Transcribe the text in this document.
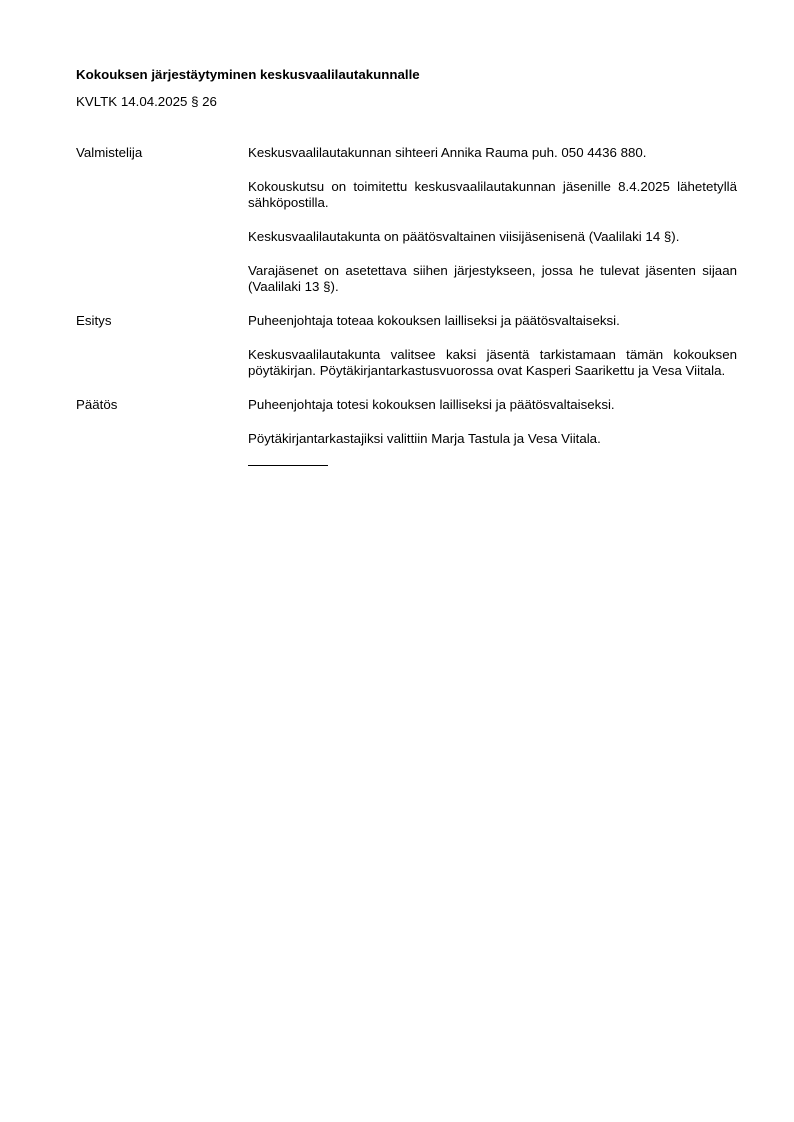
Kokouksen järjestäytyminen keskusvaalilautakunnalle
KVLTK 14.04.2025 § 26
Valmistelija	Keskusvaalilautakunnan sihteeri Annika Rauma puh. 050 4436 880.
Kokouskutsu on toimitettu keskusvaalilautakunnan jäsenille 8.4.2025 lähetetyllä sähköpostilla.
Keskusvaalilautakunta on päätösvaltainen viisijäsenisenä (Vaalilaki 14 §).
Varajäsenet on asetettava siihen järjestykseen, jossa he tulevat jäsenten sijaan (Vaalilaki 13 §).
Esitys	Puheenjohtaja toteaa kokouksen lailliseksi ja päätösvaltaiseksi.
Keskusvaalilautakunta valitsee kaksi jäsentä tarkistamaan tämän kokouksen pöytäkirjan. Pöytäkirjantarkastusvuorossa ovat Kasperi Saarikettu ja Vesa Viitala.
Päätös	Puheenjohtaja totesi kokouksen lailliseksi ja päätösvaltaiseksi.
Pöytäkirjantarkastajiksi valittiin Marja Tastula ja Vesa Viitala.
